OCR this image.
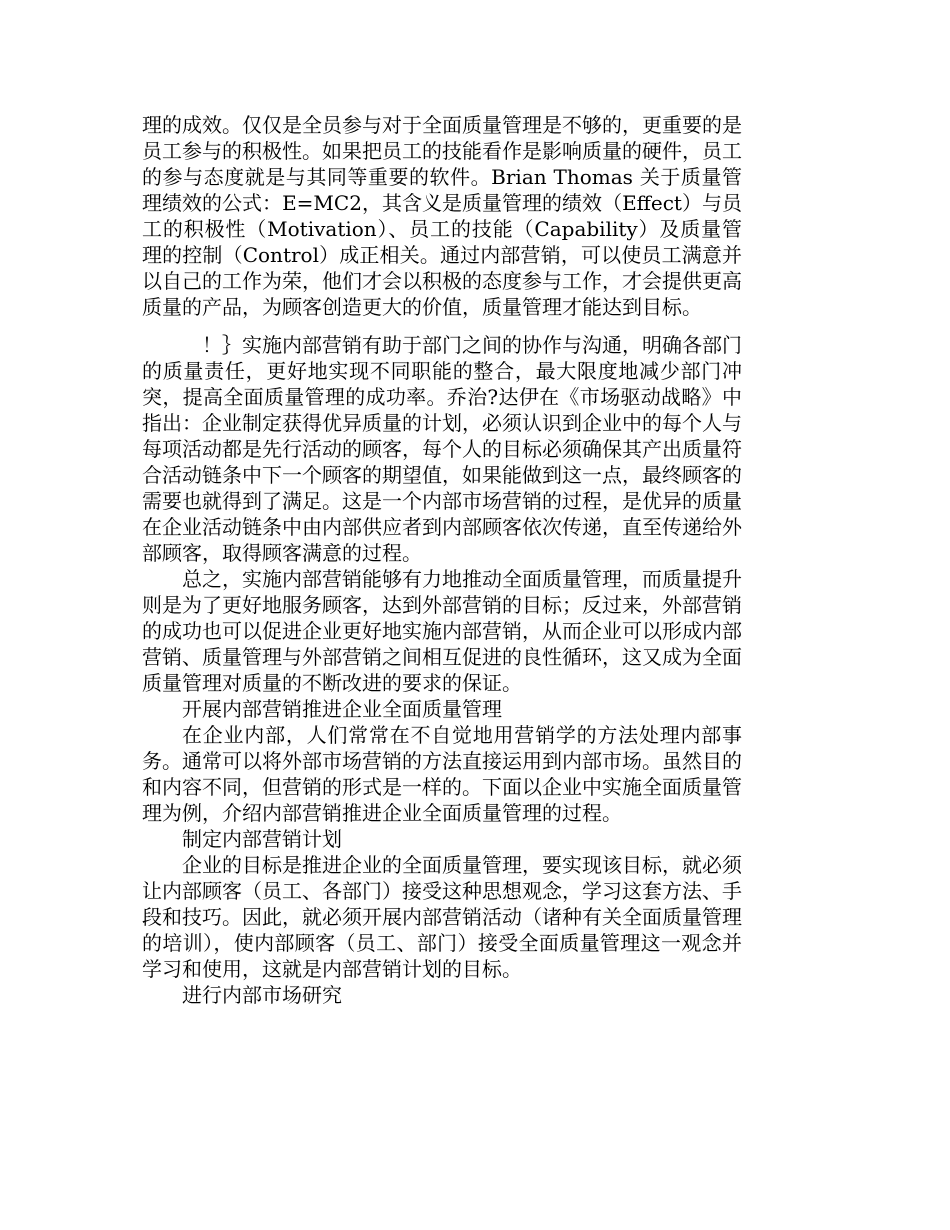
理的成效。仅仅是全员参与对于全面质量管理是不够的，更重要的是员工参与的积极性。如果把员工的技能看作是影响质量的硬件，员工的参与态度就是与其同等重要的软件。Brian Thomas 关于质量管理绩效的公式：E=MC2，其含义是质量管理的绩效（Effect）与员工的积极性（Motivation）、员工的技能（Capability）及质量管理的控制（Control）成正相关。通过内部营销，可以使员工满意并以自己的工作为荣，他们才会以积极的态度参与工作，才会提供更高质量的产品，为顾客创造更大的价值，质量管理才能达到目标。

！｝实施内部营销有助于部门之间的协作与沟通，明确各部门的质量责任，更好地实现不同职能的整合，最大限度地减少部门冲突，提高全面质量管理的成功率。乔治?达伊在《市场驱动战略》中指出：企业制定获得优异质量的计划，必须认识到企业中的每个人与每项活动都是先行活动的顾客，每个人的目标必须确保其产出质量符合活动链条中下一个顾客的期望值，如果能做到这一点，最终顾客的需要也就得到了满足。这是一个内部市场营销的过程，是优异的质量在企业活动链条中由内部供应者到内部顾客依次传递，直至传递给外部顾客，取得顾客满意的过程。

总之，实施内部营销能够有力地推动全面质量管理，而质量提升则是为了更好地服务顾客，达到外部营销的目标；反过来，外部营销的成功也可以促进企业更好地实施内部营销，从而企业可以形成内部营销、质量管理与外部营销之间相互促进的良性循环，这又成为全面质量管理对质量的不断改进的要求的保证。

开展内部营销推进企业全面质量管理

在企业内部，人们常常在不自觉地用营销学的方法处理内部事务。通常可以将外部市场营销的方法直接运用到内部市场。虽然目的和内容不同，但营销的形式是一样的。下面以企业中实施全面质量管理为例，介绍内部营销推进企业全面质量管理的过程。

制定内部营销计划

企业的目标是推进企业的全面质量管理，要实现该目标，就必须让内部顾客（员工、各部门）接受这种思想观念，学习这套方法、手段和技巧。因此，就必须开展内部营销活动（诸种有关全面质量管理的培训），使内部顾客（员工、部门）接受全面质量管理这一观念并学习和使用，这就是内部营销计划的目标。

进行内部市场研究
